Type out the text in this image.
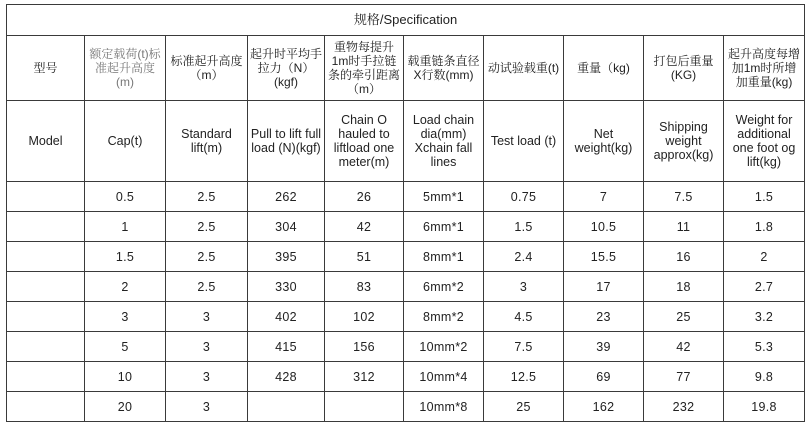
规格/Specification									
型号	额定载荷(t)标准起升高度(m)	标准起升高度（m）	起升时平均手拉力（N）(kgf)	重物每提升1m时手拉链条的牵引距离（m）	载重链条直径X行数(mm)	动试验载重(t)	重量（kg)	打包后重量(KG)	起升高度每增加1m时所增加重量(kg)
Model	Cap(t)	Standard lift(m)	Pull to lift full load (N)(kgf)	Chain O hauled to liftload one meter(m)	Load chain dia(mm) Xchain fall lines	Test load (t)	Net weight(kg)	Shipping weight approx(kg)	Weight for additional one foot og lift(kg)
	0.5	2.5	262	26	5mm*1	0.75	7	7.5	1.5
	1	2.5	304	42	6mm*1	1.5	10.5	11	1.8
	1.5	2.5	395	51	8mm*1	2.4	15.5	16	2
	2	2.5	330	83	6mm*2	3	17	18	2.7
	3	3	402	102	8mm*2	4.5	23	25	3.2
	5	3	415	156	10mm*2	7.5	39	42	5.3
	10	3	428	312	10mm*4	12.5	69	77	9.8
	20	3			10mm*8	25	162	232	19.8
